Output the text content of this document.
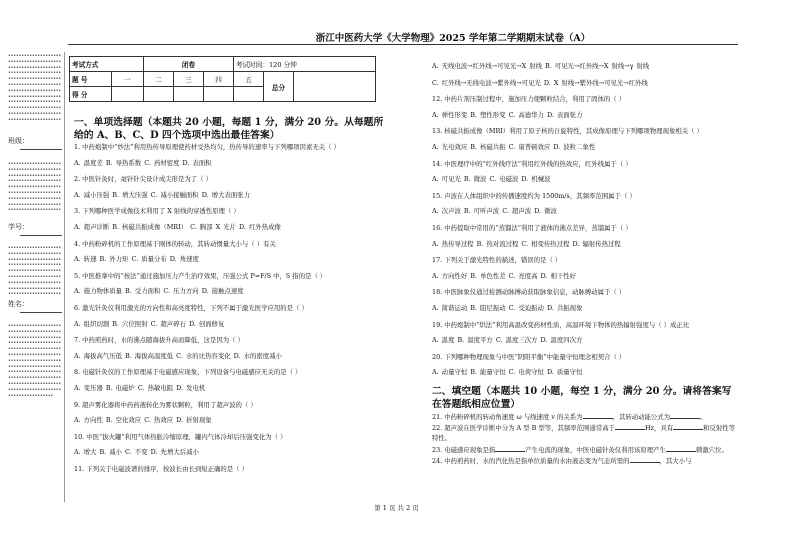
浙江中医药大学《大学物理》2025 学年第二学期期末试卷（A）
••••••••••••••••••••••••••••••••••••••••••••••••••••••••••••••••••••••••••••••••••••••••••••••••••••••••••••••••••••••••••••••••••••••••••••••••••••••••••••••••••••••••••••••••••••••••••••••••••••••••••••••••••••••••••••••••••••••••••••••••
班级：
••••••••••••••••••••••••••••••••••••••••••••••••••••••••••••••••••••••••••••••••••••••••••••••••••••••••••••••••••••••••••••••••••••••••••••••••••••••••••••••••••••••••••••••••••••
学号：
••••••••••••••••••••••••••••••••••••••••••••••••••••••••••••••••••••••••••••••••••••••••••••••••••••••••••••••••••••••••••••••••••••••••••••••••••••••••••••••••••••••••••••••••••••
姓名：
•••••••••••••••••••••••••••••••••••••••••••••••••••••••••••••••••••••••••••••••••••••••••••••••••••••••••••••••••••••••••••••••••••••••••••••••••••••••••••••••••••••••••••••••••••••••••••••••••••••••••••••••••••••••••••••••••••••••••••••••••••••••••••••••••
考试方式		闭卷			考试时间：120 分钟		
题 号	一	二	三	四	五	总分	
得 分							
一、单项选择题（本题共 20 小题，每题 1 分，满分 20 分。从每题所给的 A、B、C、D 四个选项中选出最佳答案）
1. 中药炮制中“炒法”利用热传导原理使药材受热均匀，热传导的速率与下列哪项因素无关（ ）
A. 温度差 B. 导热系数 C. 药材密度 D. 表面积
2. 中医针灸时，毫针针尖设计成尖形是为了（ ）
A. 减小压强 B. 增大压强 C. 减小接触面积 D. 增大表面张力
3. 下列哪种医学成像技术利用了 X 射线的穿透性原理（ ）
A. 超声诊断 B. 核磁共振成像（MRI） C. 胸部 X 光片 D. 红外热成像
4. 中药粉碎机的工作原理基于刚体的转动，其转动惯量大小与（ ）有关
A. 转速 B. 外力矩 C. 质量分布 D. 角速度
5. 中医推拿中的“按法”通过施加压力产生治疗效果，压强公式 P=F/S 中，S 指的是（ ）
A. 施力物体质量 B. 受力面积 C. 压力方向 D. 接触点速度
6. 激光针灸仪利用激光的方向性和高亮度特性，下列不属于激光医学应用的是（ ）
A. 组织切割 B. 穴位照射 C. 超声碎石 D. 创面修复
7. 中药煎药时，水的沸点随海拔升高而降低，这是因为（ ）
A. 海拔高气压低 B. 海拔高温度低 C. 水的比热容变化 D. 水的密度减小
8. 电磁针灸仪的工作原理基于电磁感应现象，下列设备与电磁感应无关的是（ ）
A. 变压器 B. 电磁炉 C. 热敏电阻 D. 发电机
9. 超声雾化器将中药药液转化为雾状颗粒，利用了超声波的（ ）
A. 方向性 B. 空化效应 C. 热效应 D. 折射现象
10. 中医“拔火罐”利用气体热胀冷缩原理，罐内气体冷却后压强变化为（ ）
A. 增大 B. 减小 C. 不变 D. 先增大后减小
11. 下列关于电磁波谱的排序，按波长由长到短正确的是（ ）
A. 无线电波→红外线→可见光→X 射线 B. 可见光→红外线→X 射线→γ 射线
C. 红外线→无线电波→紫外线→可见光 D. X 射线→紫外线→可见光→红外线
12. 中药片剂压制过程中，施加压力使颗粒结合，利用了固体的（ ）
A. 弹性形变 B. 塑性形变 C. 高德华力 D. 表面张力
13. 核磁共振成像（MRI）利用了原子核的自旋特性，其成像原理与下列哪项物理现象相关（ ）
A. 光电效应 B. 核磁共振 C. 康普顿效应 D. 波粒二象性
14. 中医理疗中的“红外线疗法”利用红外线的热效应，红外线属于（ ）
A. 可见光 B. 微波 C. 电磁波 D. 机械波
15. 声波在人体组织中的传播速度约为 1500m/s，其频率范围属于（ ）
A. 次声波 B. 可听声波 C. 超声波 D. 微波
16. 中药提取中常用的“蒸馏法”利用了液体的沸点差异，蒸馏属于（ ）
A. 热传导过程 B. 热对流过程 C. 相变传热过程 D. 辐射传热过程
17. 下列关于激光特性的描述，错误的是（ ）
A. 方向性好 B. 单色性差 C. 亮度高 D. 相干性好
18. 中医脉象仪通过检测动脉搏动获取脉象信息，动脉搏动属于（ ）
A. 简谐运动 B. 阻尼振动 C. 受迫振动 D. 共振现象
19. 中药炮制中“烘法”利用高温改变药材性质，高温环境下物体的热辐射强度与（ ）成正比
A. 温度 B. 温度平方 C. 温度三次方 D. 温度四次方
20. 下列哪种物理现象与中医“阴阳平衡”中能量守恒理念相契合（ ）
A. 动量守恒 B. 能量守恒 C. 电荷守恒 D. 质量守恒
二、填空题（本题共 10 小题，每空 1 分，满分 20 分。请将答案写在答题纸相应位置）
21. 中药粉碎机的转动角速度 ω 与线速度 v 的关系为	，其转动动能公式为	。
22. 超声波在医学诊断中分为 A 型 B 型等，其频率范围通常高于	Hz，具有	和反射性等特性。
23. 电磁感应现象是指	产生电流的现象，中医电磁针灸仪利用该原理产生	刺激穴位。
24. 中药煎药时，水的汽化热是指单位质量的水由液态变为气态所需的	，其大小与
第 1 页 共 2 页
